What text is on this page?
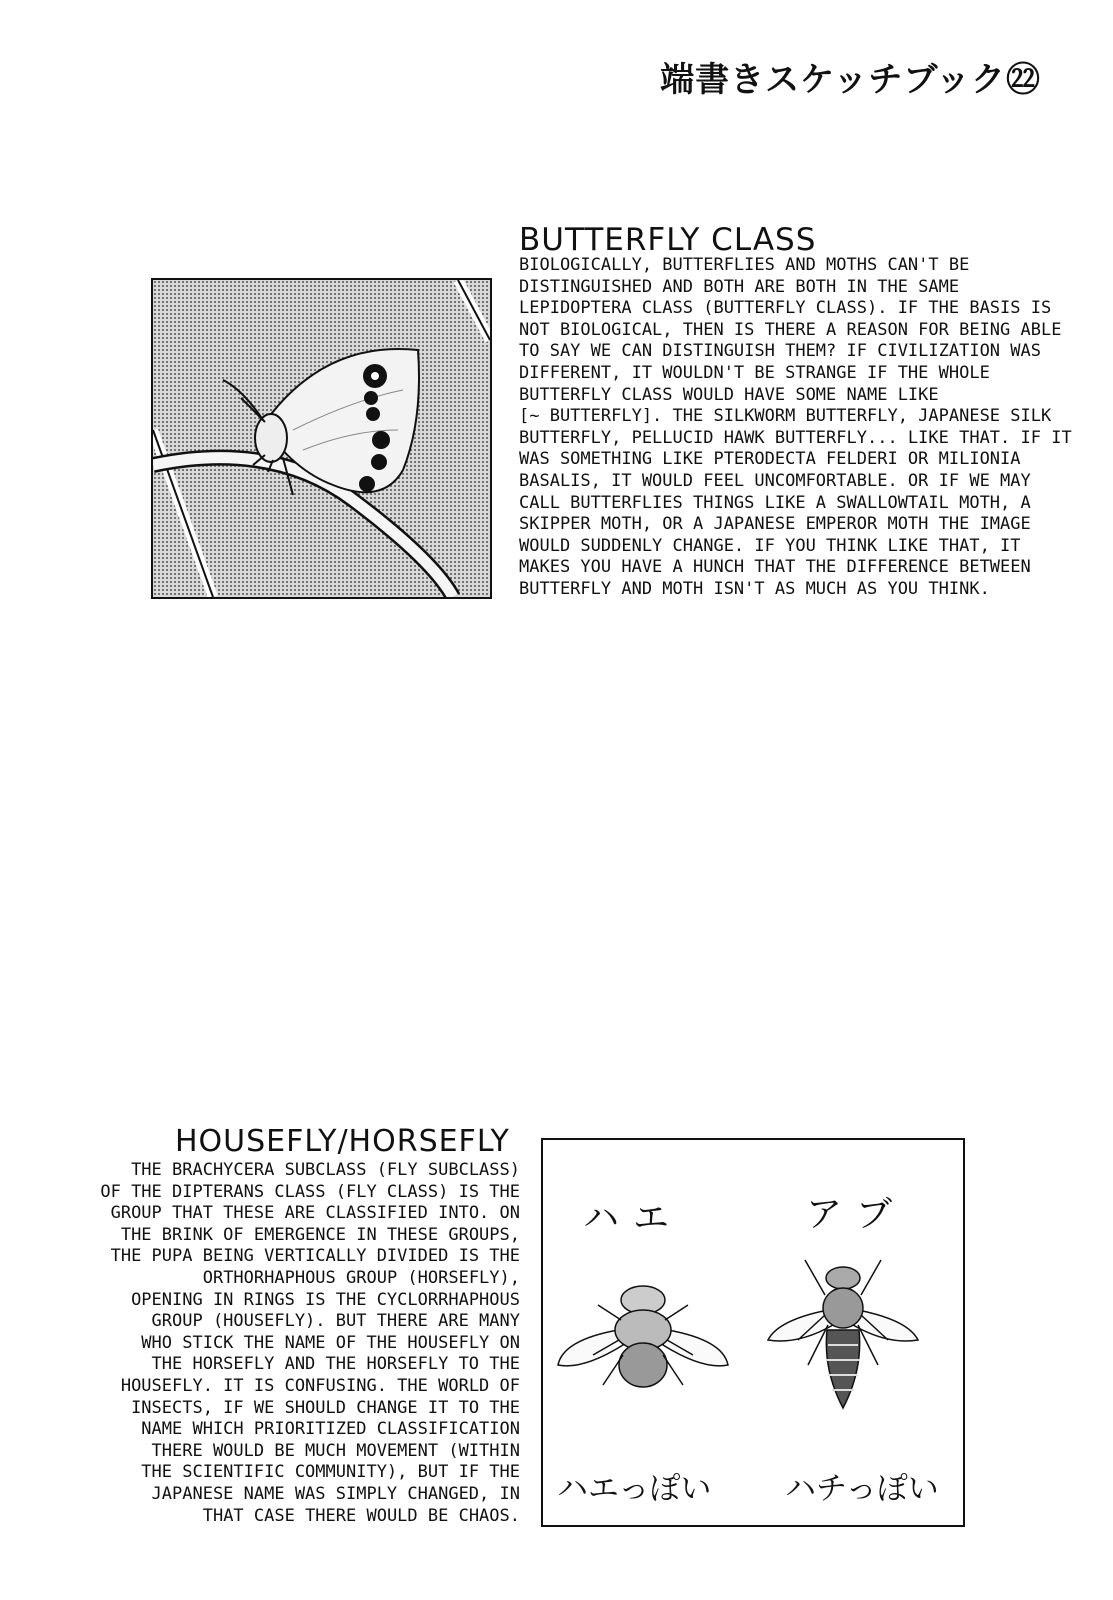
端書きスケッチブック㉒
BUTTERFLY CLASS
BIOLOGICALLY, BUTTERFLIES AND MOTHS CAN'T BE
DISTINGUISHED AND BOTH ARE BOTH IN THE SAME
LEPIDOPTERA CLASS (BUTTERFLY CLASS). IF THE BASIS IS
NOT BIOLOGICAL, THEN IS THERE A REASON FOR BEING ABLE
TO SAY WE CAN DISTINGUISH THEM? IF CIVILIZATION WAS
DIFFERENT, IT WOULDN'T BE STRANGE IF THE WHOLE
BUTTERFLY CLASS WOULD HAVE SOME NAME LIKE
[~ BUTTERFLY]. THE SILKWORM BUTTERFLY, JAPANESE SILK
BUTTERFLY, PELLUCID HAWK BUTTERFLY... LIKE THAT. IF IT
WAS SOMETHING LIKE PTERODECTA FELDERI OR MILIONIA
BASALIS, IT WOULD FEEL UNCOMFORTABLE. OR IF WE MAY
CALL BUTTERFLIES THINGS LIKE A SWALLOWTAIL MOTH, A
SKIPPER MOTH, OR A JAPANESE EMPEROR MOTH THE IMAGE
WOULD SUDDENLY CHANGE. IF YOU THINK LIKE THAT, IT
MAKES YOU HAVE A HUNCH THAT THE DIFFERENCE BETWEEN
BUTTERFLY AND MOTH ISN'T AS MUCH AS YOU THINK.
HOUSEFLY/HORSEFLY
THE BRACHYCERA SUBCLASS (FLY SUBCLASS)
OF THE DIPTERANS CLASS (FLY CLASS) IS THE
GROUP THAT THESE ARE CLASSIFIED INTO. ON
THE BRINK OF EMERGENCE IN THESE GROUPS,
THE PUPA BEING VERTICALLY DIVIDED IS THE
ORTHORHAPHOUS GROUP (HORSEFLY),
OPENING IN RINGS IS THE CYCLORRHAPHOUS
GROUP (HOUSEFLY). BUT THERE ARE MANY
WHO STICK THE NAME OF THE HOUSEFLY ON
THE HORSEFLY AND THE HORSEFLY TO THE
HOUSEFLY. IT IS CONFUSING. THE WORLD OF
INSECTS, IF WE SHOULD CHANGE IT TO THE
NAME WHICH PRIORITIZED CLASSIFICATION
THERE WOULD BE MUCH MOVEMENT (WITHIN
THE SCIENTIFIC COMMUNITY), BUT IF THE
JAPANESE NAME WAS SIMPLY CHANGED, IN
THAT CASE THERE WOULD BE CHAOS.
ハエ	アブ
ハエっぽい ハチっぽい
